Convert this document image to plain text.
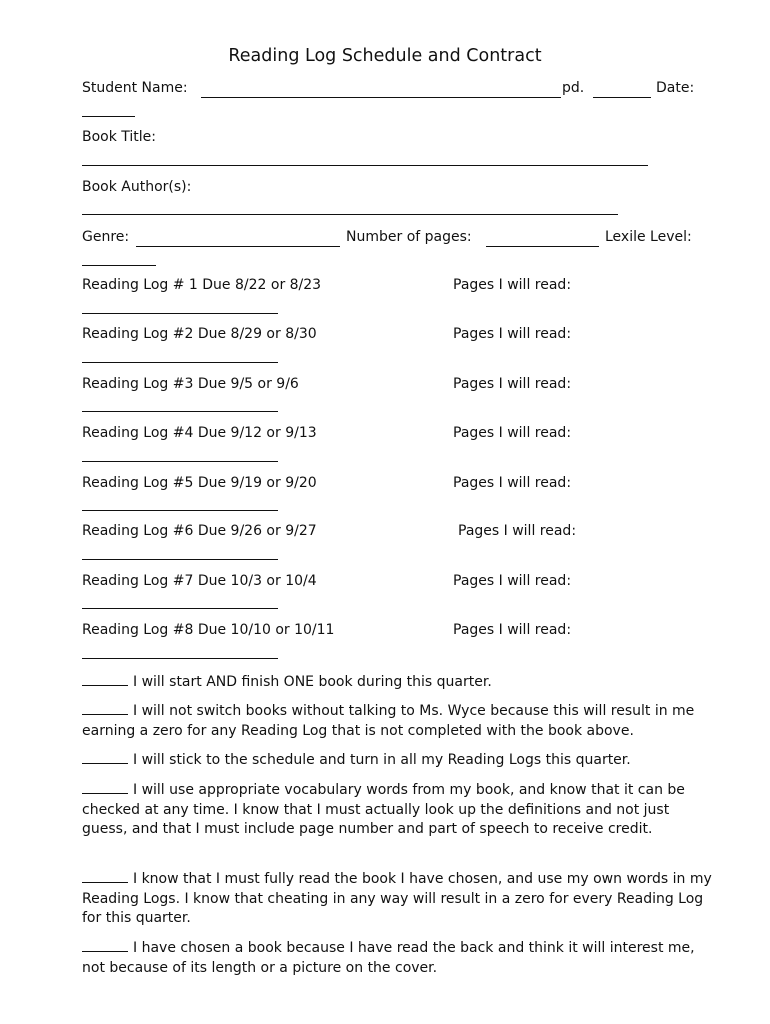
Reading Log Schedule and Contract
Student Name:	pd.	Date:
Book Title:
Book Author(s):
Genre:	Number of pages:	Lexile Level:
Reading Log # 1 Due 8/22 or 8/23	Pages I will read:
Reading Log #2 Due 8/29 or 8/30	Pages I will read:
Reading Log #3 Due 9/5 or 9/6	Pages I will read:
Reading Log #4 Due 9/12 or 9/13	Pages I will read:
Reading Log #5 Due 9/19 or 9/20	Pages I will read:
Reading Log #6 Due 9/26 or 9/27	Pages I will read:
Reading Log #7 Due 10/3 or 10/4	Pages I will read:
Reading Log #8 Due 10/10 or 10/11	Pages I will read:
I will start AND finish ONE book during this quarter.
I will not switch books without talking to Ms. Wyce because this will result in me earning a zero for any Reading Log that is not completed with the book above.
I will stick to the schedule and turn in all my Reading Logs this quarter.
I will use appropriate vocabulary words from my book, and know that it can be checked at any time. I know that I must actually look up the definitions and not just guess, and that I must include page number and part of speech to receive credit.
I know that I must fully read the book I have chosen, and use my own words in my Reading Logs. I know that cheating in any way will result in a zero for every Reading Log for this quarter.
I have chosen a book because I have read the back and think it will interest me, not because of its length or a picture on the cover.
